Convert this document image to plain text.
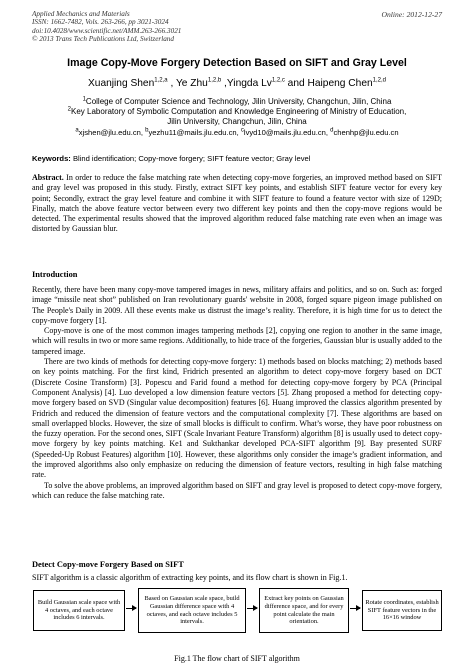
Applied Mechanics and Materials
ISSN: 1662-7482, Vols. 263-266, pp 3021-3024
doi:10.4028/www.scientific.net/AMM.263-266.3021
© 2013 Trans Tech Publications Ltd, Switzerland
Online: 2012-12-27
Image Copy-Move Forgery Detection Based on SIFT and Gray Level
Xuanjing Shen$^{1,2,a}$ , Ye Zhu$^{1,2,b}$ ,Yingda Lv$^{1,2,c}$ and Haipeng Chen$^{1,2,d}$
$^1$College of Computer Science and Technology, Jilin University, Changchun, Jilin, China
$^2$Key Laboratory of Symbolic Computation and Knowledge Engineering of Ministry of Education,
Jilin University, Changchun, Jilin, China
$^a$xjshen@jlu.edu.cn, $^b$yezhu11@mails.jlu.edu.cn, $^c$lvyd10@mails.jlu.edu.cn, $^d$chenhp@jlu.edu.cn
Keywords: Blind identification; Copy-move forgery; SIFT feature vector; Gray level

Abstract. In order to reduce the false matching rate when detecting copy-move forgeries, an improved method based on SIFT and gray level was proposed in this study. Firstly, extract SIFT key points, and establish SIFT feature vector for every key point; Secondly, extract the gray level feature and combine it with SIFT feature to found a feature vector with size of 129D; Finally, match the above feature vector between every two different key points and then the copy-move regions would be detected. The experimental results showed that the improved algorithm reduced false matching rate even when an image was distorted by Gaussian blur.

Introduction

Recently, there have been many copy-move tampered images in news, military affairs and politics, and so on. Such as: forged image “missile neat shot” published on Iran revolutionary guards' website in 2008, forged square pigeon image published on The People's Daily in 2009. All these events make us distrust the image’s reality. Therefore, it is high time for us to detect the copy-move forgery [1].

Copy-move is one of the most common images tampering methods [2], copying one region to another in the same image, which will results in two or more same regions. Additionally, to hide trace of the forgeries, Gaussian blur is usually added to the tampered image.

There are two kinds of methods for detecting copy-move forgery: 1) methods based on blocks matching; 2) methods based on key points matching. For the first kind, Fridrich presented an algorithm to detect copy-move forgery based on DCT (Discrete Cosine Transform) [3]. Popescu and Farid found a method for detecting copy-move forgery by PCA (Principal Component Analysis) [4]. Luo developed a low dimension feature vectors [5]. Zhang proposed a method for detecting copy-move forgery based on SVD (Singular value decomposition) features [6]. Huang improved the classics algorithm presented by Fridrich and reduced the dimension of feature vectors and the computational complexity [7]. These algorithms are based on small overlapped blocks. However, the size of small blocks is difficult to confirm. What’s worse, they have poor robustness on the fuzzy operation. For the second ones, SIFT (Scale Invariant Feature Transform) algorithm [8] is usually used to detect copy-move forgery by key points matching. Ke1 and Sukthankar developed PCA-SIFT algorithm [9]. Bay presented SURF (Speeded-Up Robust Features) algorithm [10]. However, these algorithms only consider the image’s gradient information, and the improved algorithms also only emphasize on reducing the dimension of feature vectors, resulting in high false matching rate.

To solve the above problems, an improved algorithm based on SIFT and gray level is proposed to detect copy-move forgery, which can reduce the false matching rate.

Detect Copy-move Forgery Based on SIFT

SIFT algorithm is a classic algorithm of extracting key points, and its flow chart is shown in Fig.1.

Build Gaussian scale space with 4 octaves, and each octave includes 6 intervals.
Based on Gaussian scale space, build Gaussian difference space with 4 octaves, and each octave includes 5 intervals.
Extract key points on Gaussian difference space, and for every point calculate the main orientation.
Rotate coordinates, establish SIFT feature vectors in the 16×16 window
Fig.1 The flow chart of SIFT algorithm
